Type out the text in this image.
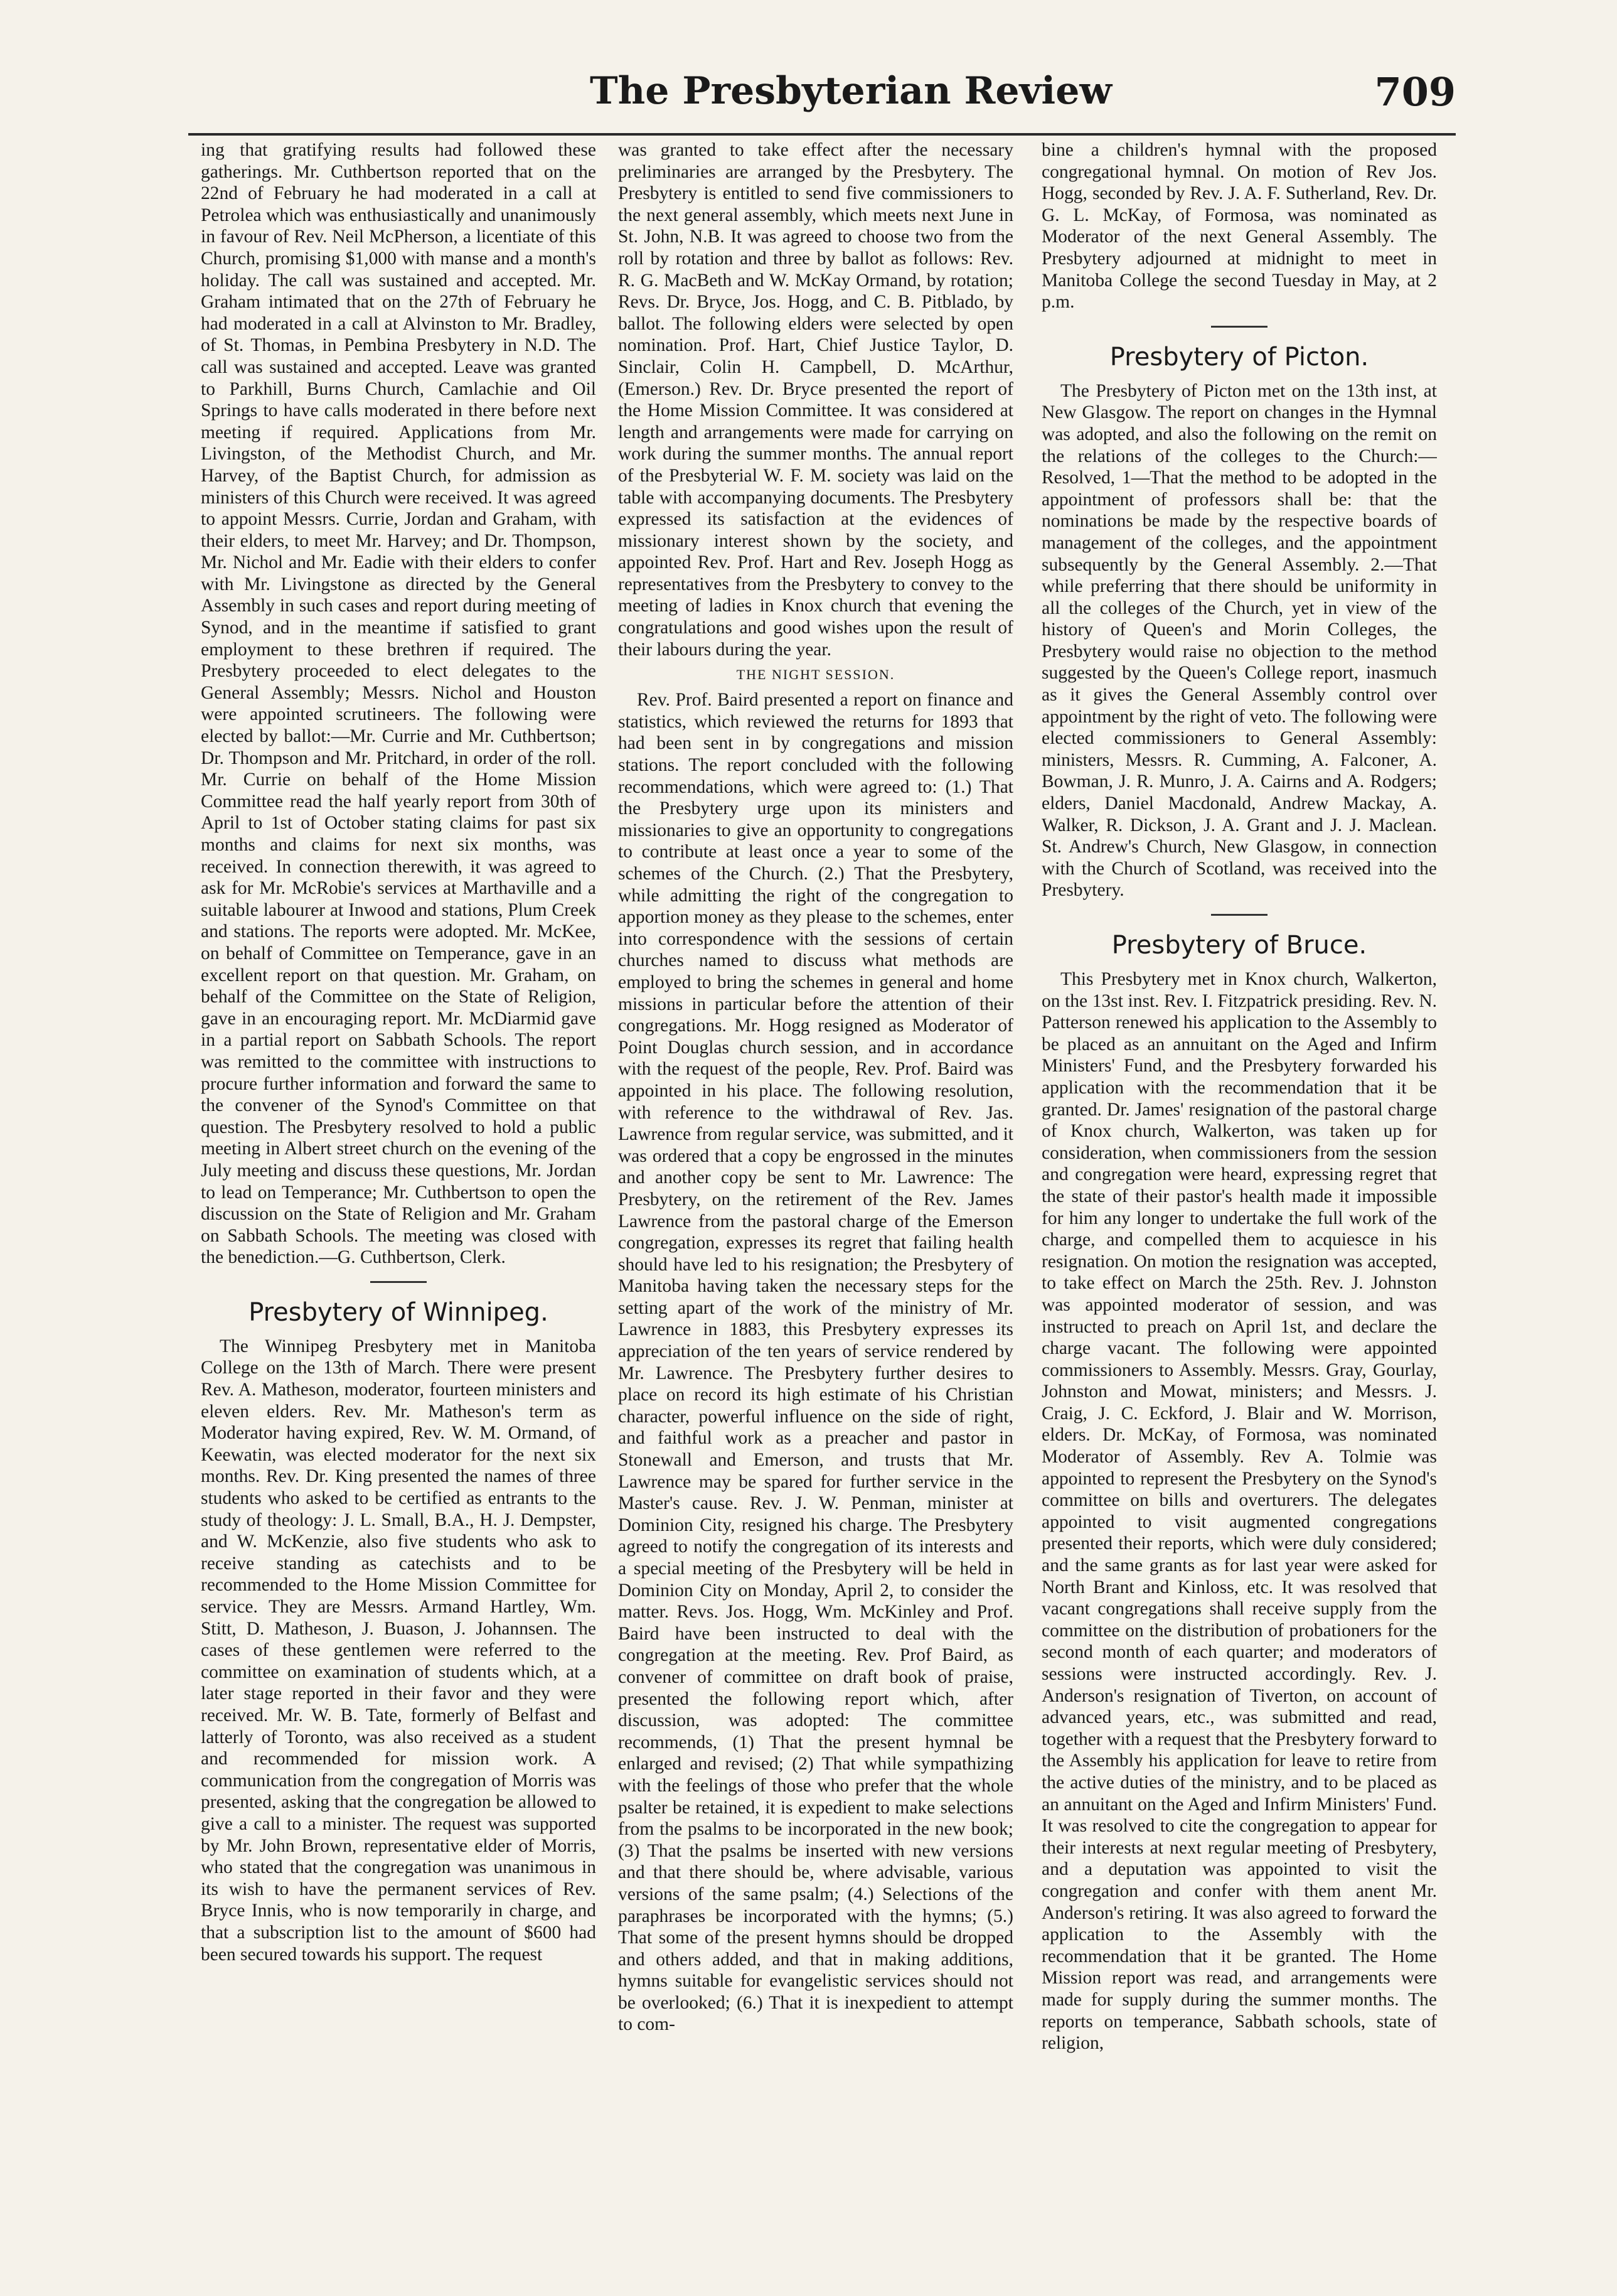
The Presbyterian Review	709

ing that gratifying results had followed these gatherings. Mr. Cuthbertson reported that on the 22nd of February he had moderated in a call at Petrolea which was enthusiastically and unanimously in favour of Rev. Neil McPherson, a licentiate of this Church, promising $1,000 with manse and a month's holiday. The call was sustained and accepted. Mr. Graham intimated that on the 27th of February he had moderated in a call at Alvinston to Mr. Bradley, of St. Thomas, in Pembina Presbytery in N.D. The call was sustained and accepted. Leave was granted to Parkhill, Burns Church, Camlachie and Oil Springs to have calls moderated in there before next meeting if required. Applications from Mr. Livingston, of the Methodist Church, and Mr. Harvey, of the Baptist Church, for admission as ministers of this Church were received. It was agreed to appoint Messrs. Currie, Jordan and Graham, with their elders, to meet Mr. Harvey; and Dr. Thompson, Mr. Nichol and Mr. Eadie with their elders to confer with Mr. Livingstone as directed by the General Assembly in such cases and report during meeting of Synod, and in the meantime if satisfied to grant employment to these brethren if required. The Presbytery proceeded to elect delegates to the General Assembly; Messrs. Nichol and Houston were appointed scrutineers. The following were elected by ballot:—Mr. Currie and Mr. Cuthbertson; Dr. Thompson and Mr. Pritchard, in order of the roll. Mr. Currie on behalf of the Home Mission Committee read the half yearly report from 30th of April to 1st of October stating claims for past six months and claims for next six months, was received. In connection therewith, it was agreed to ask for Mr. McRobie's services at Marthaville and a suitable labourer at Inwood and stations, Plum Creek and stations. The reports were adopted. Mr. McKee, on behalf of Committee on Temperance, gave in an excellent report on that question. Mr. Graham, on behalf of the Committee on the State of Religion, gave in an encouraging report. Mr. McDiarmid gave in a partial report on Sabbath Schools. The report was remitted to the committee with instructions to procure further information and forward the same to the convener of the Synod's Committee on that question. The Presbytery resolved to hold a public meeting in Albert street church on the evening of the July meeting and discuss these questions, Mr. Jordan to lead on Temperance; Mr. Cuthbertson to open the discussion on the State of Religion and Mr. Graham on Sabbath Schools. The meeting was closed with the benediction.—G. Cuthbertson, Clerk.

Presbytery of Winnipeg.

The Winnipeg Presbytery met in Manitoba College on the 13th of March. There were present Rev. A. Matheson, moderator, fourteen ministers and eleven elders. Rev. Mr. Matheson's term as Moderator having expired, Rev. W. M. Ormand, of Keewatin, was elected moderator for the next six months. Rev. Dr. King presented the names of three students who asked to be certified as entrants to the study of theology: J. L. Small, B.A., H. J. Dempster, and W. McKenzie, also five students who ask to receive standing as catechists and to be recommended to the Home Mission Committee for service. They are Messrs. Armand Hartley, Wm. Stitt, D. Matheson, J. Buason, J. Johannsen. The cases of these gentlemen were referred to the committee on examination of students which, at a later stage reported in their favor and they were received. Mr. W. B. Tate, formerly of Belfast and latterly of Toronto, was also received as a student and recommended for mission work. A communication from the congregation of Morris was presented, asking that the congregation be allowed to give a call to a minister. The request was supported by Mr. John Brown, representative elder of Morris, who stated that the congregation was unanimous in its wish to have the permanent services of Rev. Bryce Innis, who is now temporarily in charge, and that a subscription list to the amount of $600 had been secured towards his support. The request

was granted to take effect after the necessary preliminaries are arranged by the Presbytery. The Presbytery is entitled to send five commissioners to the next general assembly, which meets next June in St. John, N.B. It was agreed to choose two from the roll by rotation and three by ballot as follows: Rev. R. G. MacBeth and W. McKay Ormand, by rotation; Revs. Dr. Bryce, Jos. Hogg, and C. B. Pitblado, by ballot. The following elders were selected by open nomination. Prof. Hart, Chief Justice Taylor, D. Sinclair, Colin H. Campbell, D. McArthur, (Emerson.) Rev. Dr. Bryce presented the report of the Home Mission Committee. It was considered at length and arrangements were made for carrying on work during the summer months. The annual report of the Presbyterial W. F. M. society was laid on the table with accompanying documents. The Presbytery expressed its satisfaction at the evidences of missionary interest shown by the society, and appointed Rev. Prof. Hart and Rev. Joseph Hogg as representatives from the Presbytery to convey to the meeting of ladies in Knox church that evening the congratulations and good wishes upon the result of their labours during the year.

THE NIGHT SESSION.

Rev. Prof. Baird presented a report on finance and statistics, which reviewed the returns for 1893 that had been sent in by congregations and mission stations. The report concluded with the following recommendations, which were agreed to: (1.) That the Presbytery urge upon its ministers and missionaries to give an opportunity to congregations to contribute at least once a year to some of the schemes of the Church. (2.) That the Presbytery, while admitting the right of the congregation to apportion money as they please to the schemes, enter into correspondence with the sessions of certain churches named to discuss what methods are employed to bring the schemes in general and home missions in particular before the attention of their congregations. Mr. Hogg resigned as Moderator of Point Douglas church session, and in accordance with the request of the people, Rev. Prof. Baird was appointed in his place. The following resolution, with reference to the withdrawal of Rev. Jas. Lawrence from regular service, was submitted, and it was ordered that a copy be engrossed in the minutes and another copy be sent to Mr. Lawrence: The Presbytery, on the retirement of the Rev. James Lawrence from the pastoral charge of the Emerson congregation, expresses its regret that failing health should have led to his resignation; the Presbytery of Manitoba having taken the necessary steps for the setting apart of the work of the ministry of Mr. Lawrence in 1883, this Presbytery expresses its appreciation of the ten years of service rendered by Mr. Lawrence. The Presbytery further desires to place on record its high estimate of his Christian character, powerful influence on the side of right, and faithful work as a preacher and pastor in Stonewall and Emerson, and trusts that Mr. Lawrence may be spared for further service in the Master's cause. Rev. J. W. Penman, minister at Dominion City, resigned his charge. The Presbytery agreed to notify the congregation of its interests and a special meeting of the Presbytery will be held in Dominion City on Monday, April 2, to consider the matter. Revs. Jos. Hogg, Wm. McKinley and Prof. Baird have been instructed to deal with the congregation at the meeting. Rev. Prof Baird, as convener of committee on draft book of praise, presented the following report which, after discussion, was adopted: The committee recommends, (1) That the present hymnal be enlarged and revised; (2) That while sympathizing with the feelings of those who prefer that the whole psalter be retained, it is expedient to make selections from the psalms to be incorporated in the new book; (3) That the psalms be inserted with new versions and that there should be, where advisable, various versions of the same psalm; (4.) Selections of the paraphrases be incorporated with the hymns; (5.) That some of the present hymns should be dropped and others added, and that in making additions, hymns suitable for evangelistic services should not be overlooked; (6.) That it is inexpedient to attempt to com-

bine a children's hymnal with the proposed congregational hymnal. On motion of Rev Jos. Hogg, seconded by Rev. J. A. F. Sutherland, Rev. Dr. G. L. McKay, of Formosa, was nominated as Moderator of the next General Assembly. The Presbytery adjourned at midnight to meet in Manitoba College the second Tuesday in May, at 2 p.m.

Presbytery of Picton.

The Presbytery of Picton met on the 13th inst, at New Glasgow. The report on changes in the Hymnal was adopted, and also the following on the remit on the relations of the colleges to the Church:—Resolved, 1—That the method to be adopted in the appointment of professors shall be: that the nominations be made by the respective boards of management of the colleges, and the appointment subsequently by the General Assembly. 2.—That while preferring that there should be uniformity in all the colleges of the Church, yet in view of the history of Queen's and Morin Colleges, the Presbytery would raise no objection to the method suggested by the Queen's College report, inasmuch as it gives the General Assembly control over appointment by the right of veto. The following were elected commissioners to General Assembly: ministers, Messrs. R. Cumming, A. Falconer, A. Bowman, J. R. Munro, J. A. Cairns and A. Rodgers; elders, Daniel Macdonald, Andrew Mackay, A. Walker, R. Dickson, J. A. Grant and J. J. Maclean. St. Andrew's Church, New Glasgow, in connection with the Church of Scotland, was received into the Presbytery.

Presbytery of Bruce.

This Presbytery met in Knox church, Walkerton, on the 13st inst. Rev. I. Fitzpatrick presiding. Rev. N. Patterson renewed his application to the Assembly to be placed as an annuitant on the Aged and Infirm Ministers' Fund, and the Presbytery forwarded his application with the recommendation that it be granted. Dr. James' resignation of the pastoral charge of Knox church, Walkerton, was taken up for consideration, when commissioners from the session and congregation were heard, expressing regret that the state of their pastor's health made it impossible for him any longer to undertake the full work of the charge, and compelled them to acquiesce in his resignation. On motion the resignation was accepted, to take effect on March the 25th. Rev. J. Johnston was appointed moderator of session, and was instructed to preach on April 1st, and declare the charge vacant. The following were appointed commissioners to Assembly. Messrs. Gray, Gourlay, Johnston and Mowat, ministers; and Messrs. J. Craig, J. C. Eckford, J. Blair and W. Morrison, elders. Dr. McKay, of Formosa, was nominated Moderator of Assembly. Rev A. Tolmie was appointed to represent the Presbytery on the Synod's committee on bills and overturers. The delegates appointed to visit augmented congregations presented their reports, which were duly considered; and the same grants as for last year were asked for North Brant and Kinloss, etc. It was resolved that vacant congregations shall receive supply from the committee on the distribution of probationers for the second month of each quarter; and moderators of sessions were instructed accordingly. Rev. J. Anderson's resignation of Tiverton, on account of advanced years, etc., was submitted and read, together with a request that the Presbytery forward to the Assembly his application for leave to retire from the active duties of the ministry, and to be placed as an annuitant on the Aged and Infirm Ministers' Fund. It was resolved to cite the congregation to appear for their interests at next regular meeting of Presbytery, and a deputation was appointed to visit the congregation and confer with them anent Mr. Anderson's retiring. It was also agreed to forward the application to the Assembly with the recommendation that it be granted. The Home Mission report was read, and arrangements were made for supply during the summer months. The reports on temperance, Sabbath schools, state of religion,
